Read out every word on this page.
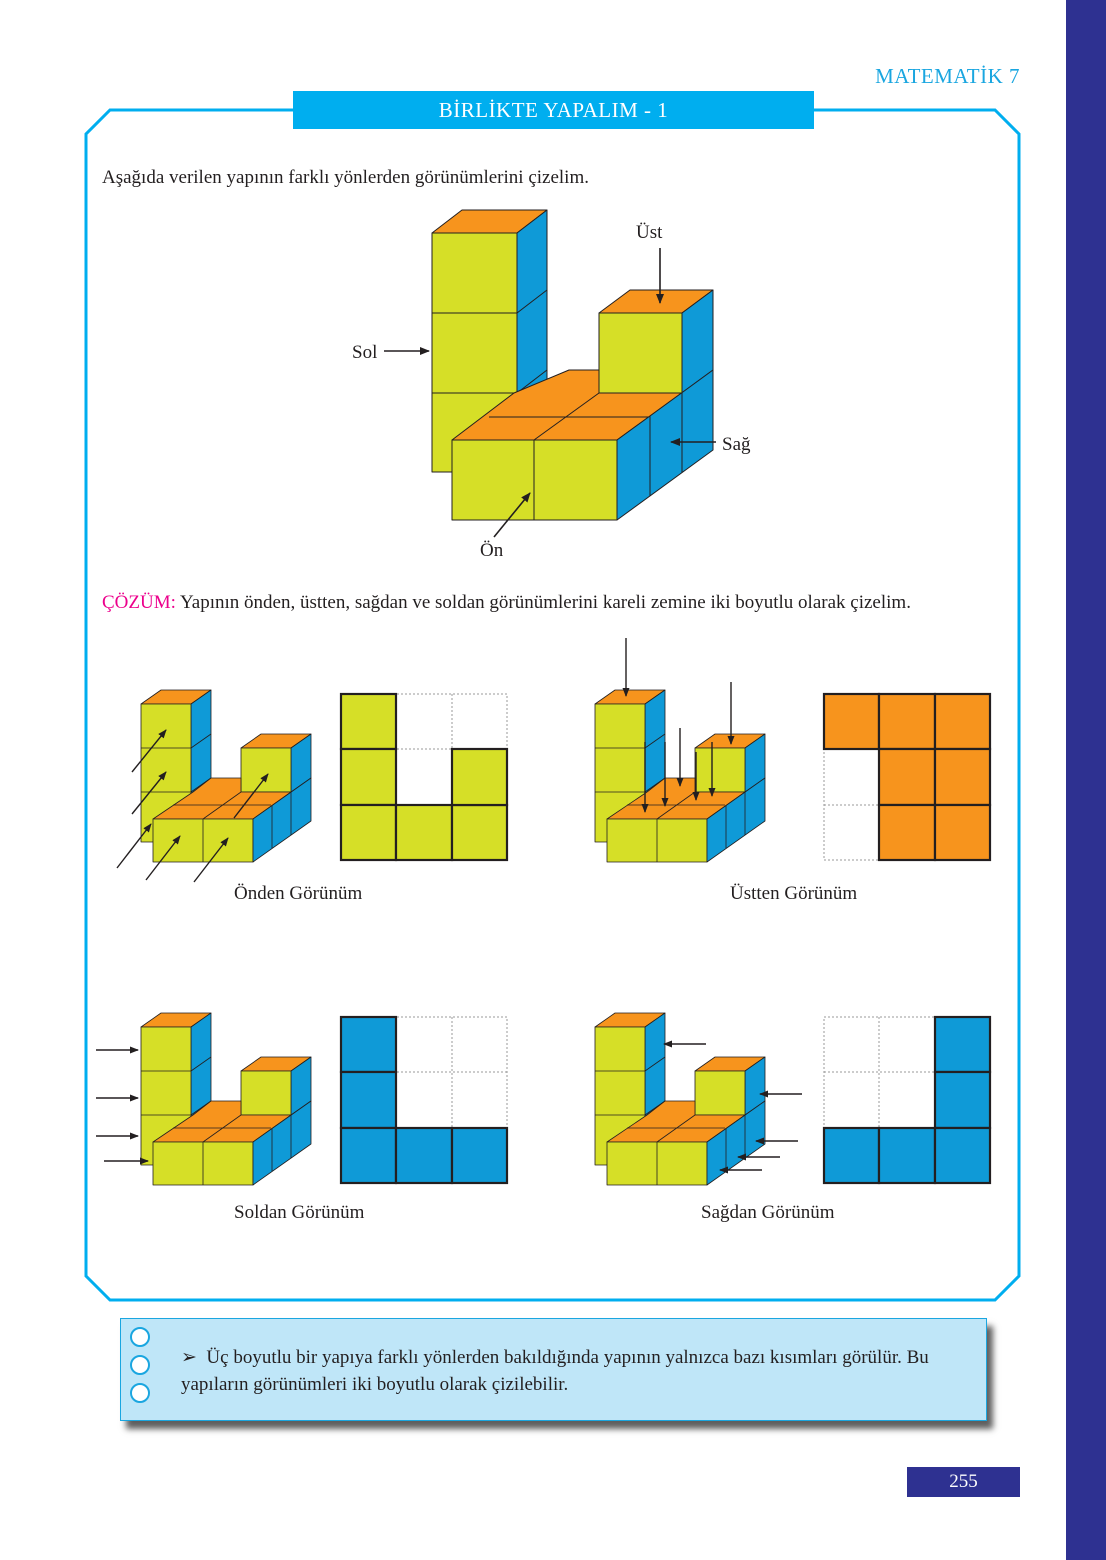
MATEMATİK 7
BİRLİKTE YAPALIM - 1
Aşağıda verilen yapının farklı yönlerden görünümlerini çizelim.
Üst
Sol
Sağ
Ön
ÇÖZÜM: Yapının önden, üstten, sağdan ve soldan görünümlerini kareli zemine iki boyutlu olarak çizelim.
Önden Görünüm	Üstten Görünüm
Soldan Görünüm	Sağdan Görünüm
➢ Üç boyutlu bir yapıya farklı yönlerden bakıldığında yapının yalnızca bazı kısımları görülür. Bu yapıların görünümleri iki boyutlu olarak çizilebilir.
255
